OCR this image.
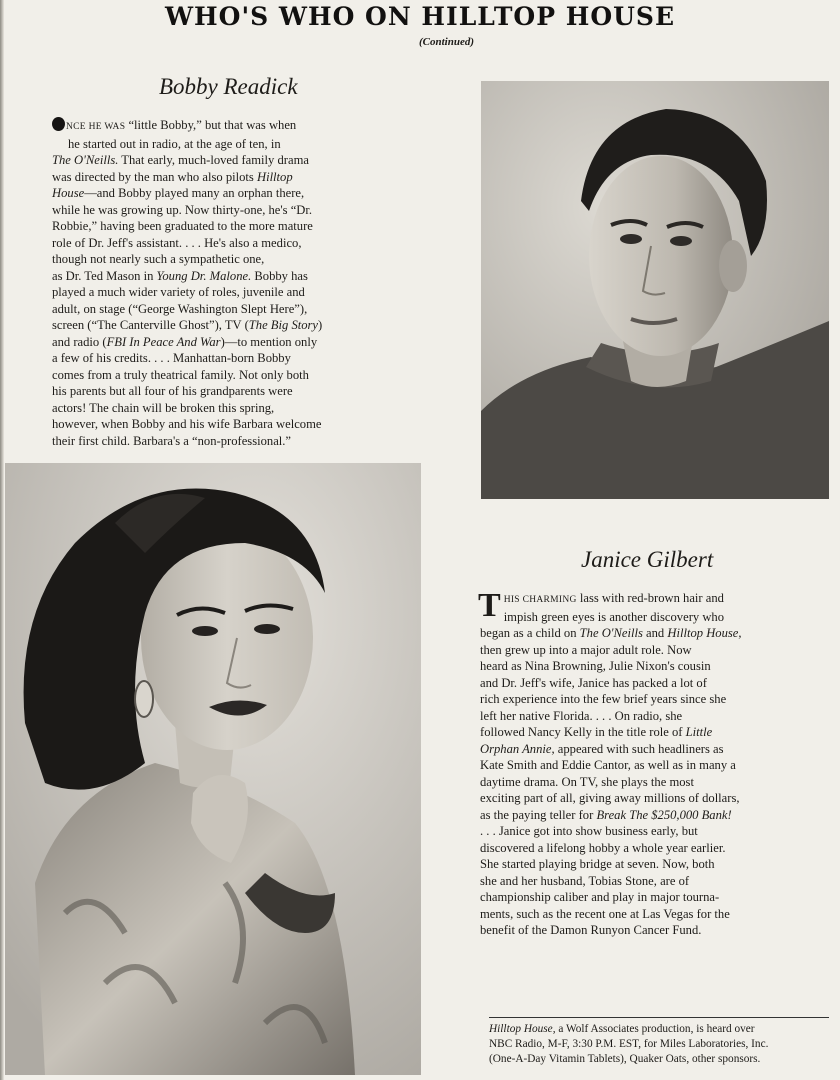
WHO'S WHO ON HILLTOP HOUSE
(Continued)
Bobby Readick
NCE HE WAS “little Bobby,” but that was when
he started out in radio, at the age of ten, in
The O'Neills. That early, much-loved family drama
was directed by the man who also pilots Hilltop
House—and Bobby played many an orphan there,
while he was growing up. Now thirty-one, he's “Dr.
Robbie,” having been graduated to the more mature
role of Dr. Jeff's assistant. . . . He's also a medico,
though not nearly such a sympathetic one,
as Dr. Ted Mason in Young Dr. Malone. Bobby has
played a much wider variety of roles, juvenile and
adult, on stage (“George Washington Slept Here”),
screen (“The Canterville Ghost”), TV (The Big Story)
and radio (FBI In Peace And War)—to mention only
a few of his credits. . . . Manhattan-born Bobby
comes from a truly theatrical family. Not only both
his parents but all four of his grandparents were
actors! The chain will be broken this spring,
however, when Bobby and his wife Barbara welcome
their first child. Barbara's a “non-professional.”
Janice Gilbert
T HIS CHARMING lass with red-brown hair and
impish green eyes is another discovery who
began as a child on The O'Neills and Hilltop House,
then grew up into a major adult role. Now
heard as Nina Browning, Julie Nixon's cousin
and Dr. Jeff's wife, Janice has packed a lot of
rich experience into the few brief years since she
left her native Florida. . . . On radio, she
followed Nancy Kelly in the title role of Little
Orphan Annie, appeared with such headliners as
Kate Smith and Eddie Cantor, as well as in many a
daytime drama. On TV, she plays the most
exciting part of all, giving away millions of dollars,
as the paying teller for Break The $250,000 Bank!
. . . Janice got into show business early, but
discovered a lifelong hobby a whole year earlier.
She started playing bridge at seven. Now, both
she and her husband, Tobias Stone, are of
championship caliber and play in major tourna-
ments, such as the recent one at Las Vegas for the
benefit of the Damon Runyon Cancer Fund.
Hilltop House, a Wolf Associates production, is heard over
NBC Radio, M-F, 3:30 P.M. EST, for Miles Laboratories, Inc.
(One-A-Day Vitamin Tablets), Quaker Oats, other sponsors.
